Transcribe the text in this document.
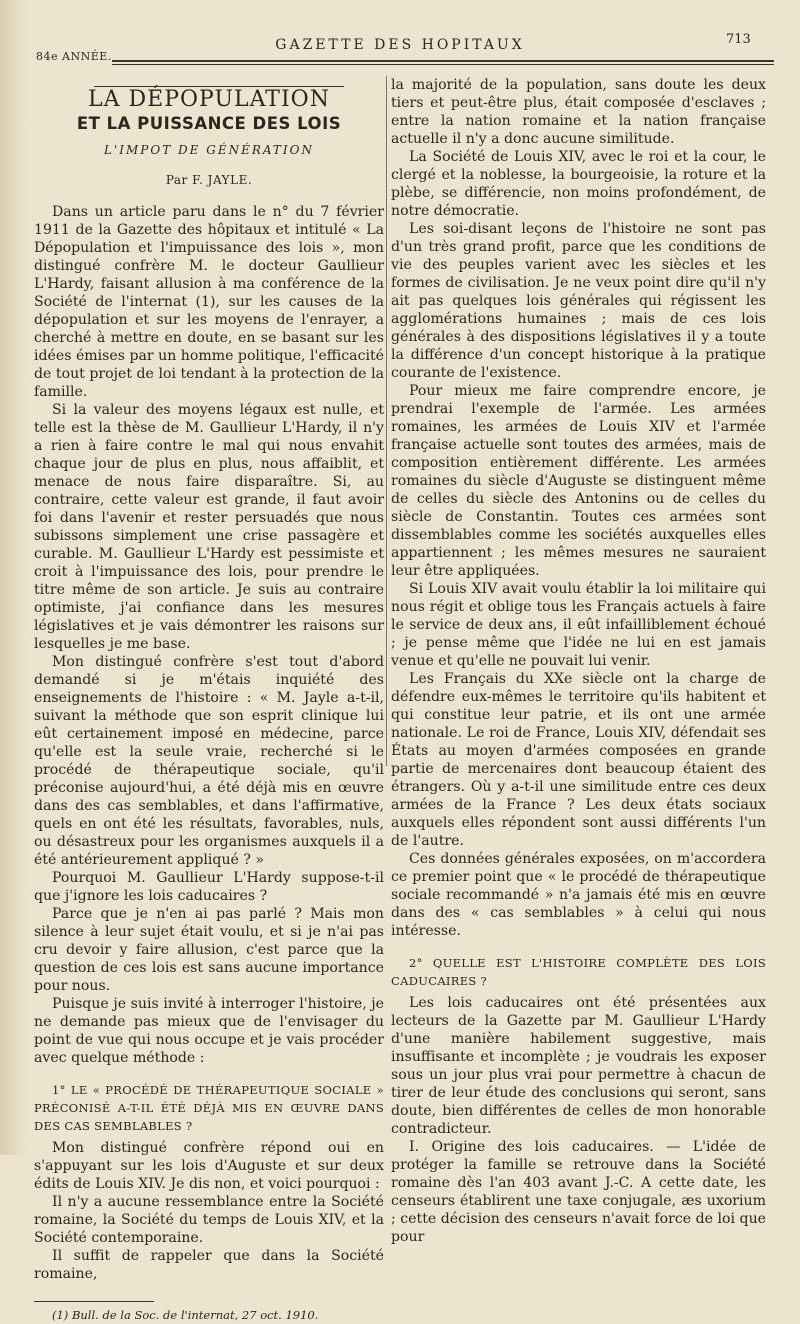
84e ANNÉE.
GAZETTE DES HOPITAUX	713
LA DÉPOPULATION
ET LA PUISSANCE DES LOIS
L'IMPOT DE GÉNÉRATION
Par F. JAYLE.

Dans un article paru dans le n° du 7 février 1911 de la Gazette des hôpitaux et intitulé « La Dépopulation et l'impuissance des lois », mon distingué confrère M. le docteur Gaullieur L'Hardy, faisant allusion à ma conférence de la Société de l'internat (1), sur les causes de la dépopulation et sur les moyens de l'enrayer, a cherché à mettre en doute, en se basant sur les idées émises par un homme politique, l'efficacité de tout projet de loi tendant à la protection de la famille.

Si la valeur des moyens légaux est nulle, et telle est la thèse de M. Gaullieur L'Hardy, il n'y a rien à faire contre le mal qui nous envahit chaque jour de plus en plus, nous affaiblit, et menace de nous faire disparaître. Si, au contraire, cette valeur est grande, il faut avoir foi dans l'avenir et rester persuadés que nous subissons simplement une crise passagère et curable. M. Gaullieur L'Hardy est pessimiste et croit à l'impuissance des lois, pour prendre le titre même de son article. Je suis au contraire optimiste, j'ai confiance dans les mesures législatives et je vais démontrer les raisons sur lesquelles je me base.

Mon distingué confrère s'est tout d'abord demandé si je m'étais inquiété des enseignements de l'histoire : « M. Jayle a-t-il, suivant la méthode que son esprit clinique lui eût certainement imposé en médecine, parce qu'elle est la seule vraie, recherché si le procédé de thérapeutique sociale, qu'il préconise aujourd'hui, a été déjà mis en œuvre dans des cas semblables, et dans l'affirmative, quels en ont été les résultats, favorables, nuls, ou désastreux pour les organismes auxquels il a été antérieurement appliqué ? »

Pourquoi M. Gaullieur L'Hardy suppose-t-il que j'ignore les lois caducaires ?

Parce que je n'en ai pas parlé ? Mais mon silence à leur sujet était voulu, et si je n'ai pas cru devoir y faire allusion, c'est parce que la question de ces lois est sans aucune importance pour nous.

Puisque je suis invité à interroger l'histoire, je ne demande pas mieux que de l'envisager du point de vue qui nous occupe et je vais procéder avec quelque méthode :

1° LE « PROCÉDÉ DE THÉRAPEUTIQUE SOCIALE » PRÉCONISÉ A-T-IL ÉTÉ DÉJÀ MIS EN ŒUVRE DANS DES CAS SEMBLABLES ?

Mon distingué confrère répond oui en s'appuyant sur les lois d'Auguste et sur deux édits de Louis XIV. Je dis non, et voici pourquoi :

Il n'y a aucune ressemblance entre la Société romaine, la Société du temps de Louis XIV, et la Société contemporaine.

Il suffit de rappeler que dans la Société romaine,

(1) Bull. de la Soc. de l'internat, 27 oct. 1910.

la majorité de la population, sans doute les deux tiers et peut-être plus, était composée d'esclaves ; entre la nation romaine et la nation française actuelle il n'y a donc aucune similitude.

La Société de Louis XIV, avec le roi et la cour, le clergé et la noblesse, la bourgeoisie, la roture et la plèbe, se différencie, non moins profondément, de notre démocratie.

Les soi-disant leçons de l'histoire ne sont pas d'un très grand profit, parce que les conditions de vie des peuples varient avec les siècles et les formes de civilisation. Je ne veux point dire qu'il n'y ait pas quelques lois générales qui régissent les agglomérations humaines ; mais de ces lois générales à des dispositions législatives il y a toute la différence d'un concept historique à la pratique courante de l'existence.

Pour mieux me faire comprendre encore, je prendrai l'exemple de l'armée. Les armées romaines, les armées de Louis XIV et l'armée française actuelle sont toutes des armées, mais de composition entièrement différente. Les armées romaines du siècle d'Auguste se distinguent même de celles du siècle des Antonins ou de celles du siècle de Constantin. Toutes ces armées sont dissemblables comme les sociétés auxquelles elles appartiennent ; les mêmes mesures ne sauraient leur être appliquées.

Si Louis XIV avait voulu établir la loi militaire qui nous régit et oblige tous les Français actuels à faire le service de deux ans, il eût infailliblement échoué ; je pense même que l'idée ne lui en est jamais venue et qu'elle ne pouvait lui venir.

Les Français du XXe siècle ont la charge de défendre eux-mêmes le territoire qu'ils habitent et qui constitue leur patrie, et ils ont une armée nationale. Le roi de France, Louis XIV, défendait ses États au moyen d'armées composées en grande partie de mercenaires dont beaucoup étaient des étrangers. Où y a-t-il une similitude entre ces deux armées de la France ? Les deux états sociaux auxquels elles répondent sont aussi différents l'un de l'autre.

Ces données générales exposées, on m'accordera ce premier point que « le procédé de thérapeutique sociale recommandé » n'a jamais été mis en œuvre dans des « cas semblables » à celui qui nous intéresse.

2° QUELLE EST L'HISTOIRE COMPLÈTE DES LOIS CADUCAIRES ?

Les lois caducaires ont été présentées aux lecteurs de la Gazette par M. Gaullieur L'Hardy d'une manière habilement suggestive, mais insuffisante et incomplète ; je voudrais les exposer sous un jour plus vrai pour permettre à chacun de tirer de leur étude des conclusions qui seront, sans doute, bien différentes de celles de mon honorable contradicteur.

I. Origine des lois caducaires. — L'idée de protéger la famille se retrouve dans la Société romaine dès l'an 403 avant J.-C. A cette date, les censeurs établirent une taxe conjugale, æs uxorium ; cette décision des censeurs n'avait force de loi que pour
